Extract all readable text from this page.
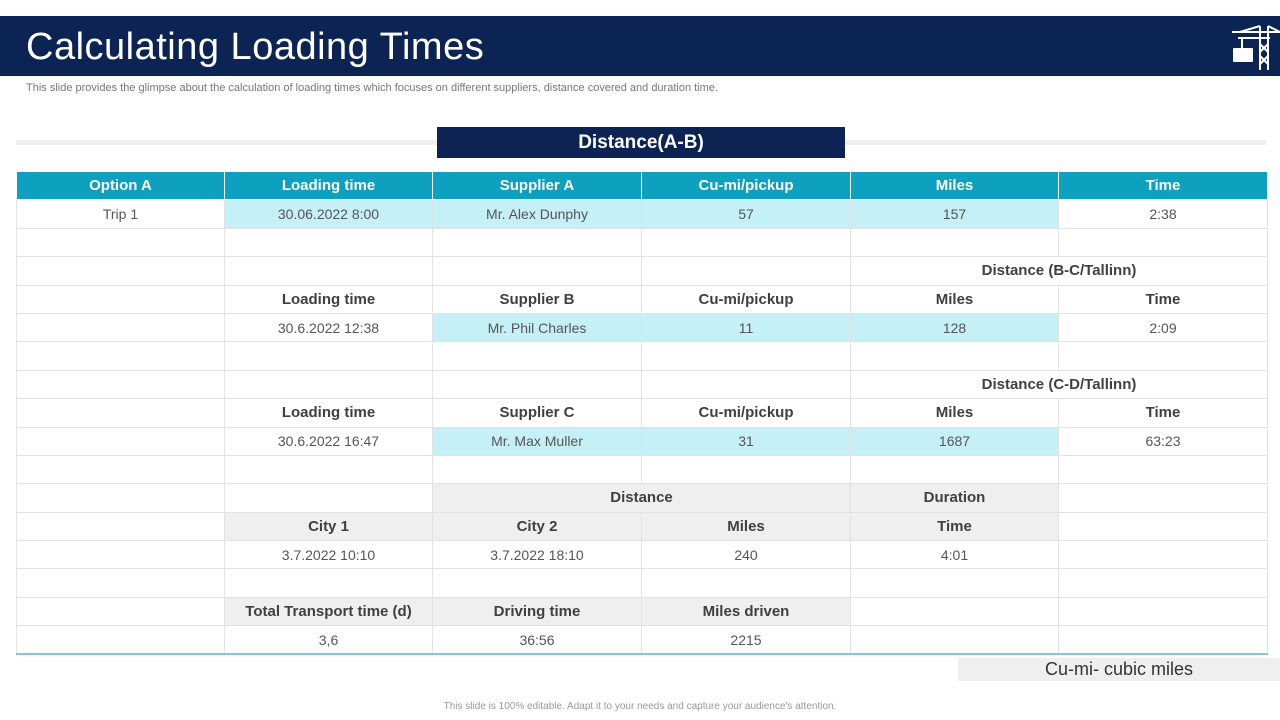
Calculating Loading Times
This slide provides the glimpse about the calculation of loading times which focuses on different suppliers, distance covered and duration time.
Distance(A-B)
Option A	Loading time	Supplier A	Cu-mi/pickup	Miles	Time
Trip 1	30.06.2022 8:00	Mr. Alex Dunphy	57	157	2:38

				Distance (B-C/Tallinn)	
	Loading time	Supplier B	Cu-mi/pickup	Miles	Time
	30.6.2022 12:38	Mr. Phil Charles	11	128	2:09

				Distance (C-D/Tallinn)	
	Loading time	Supplier C	Cu-mi/pickup	Miles	Time
	30.6.2022 16:47	Mr. Max Muller	31	1687	63:23

		Distance		Duration	
	City 1	City 2	Miles	Time	
	3.7.2022 10:10	3.7.2022 18:10	240	4:01	

	Total Transport time (d)	Driving time	Miles driven		
	3,6	36:56	2215		
Cu-mi- cubic miles
This slide is 100% editable. Adapt it to your needs and capture your audience's attention.
